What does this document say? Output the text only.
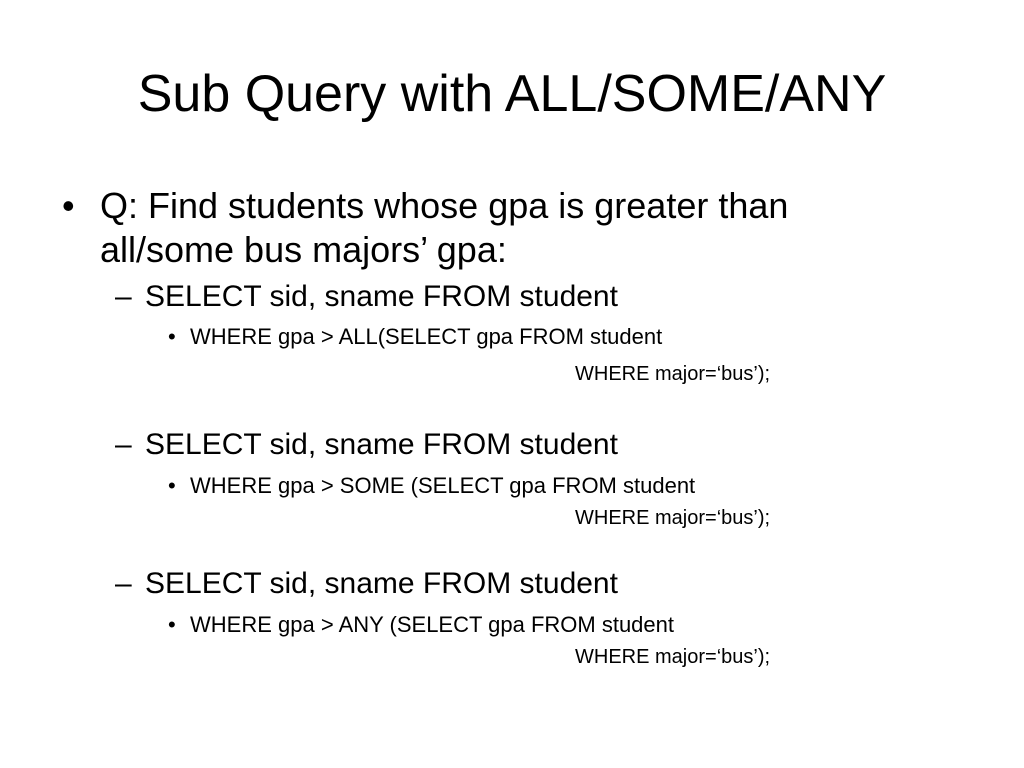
Sub Query with ALL/SOME/ANY
• Q: Find students whose gpa is greater than
all/some bus majors’ gpa:
– SELECT sid, sname FROM student
• WHERE gpa > ALL(SELECT gpa FROM student
WHERE major=‘bus’);
– SELECT sid, sname FROM student
• WHERE gpa > SOME (SELECT gpa FROM student
WHERE major=‘bus’);
– SELECT sid, sname FROM student
• WHERE gpa > ANY (SELECT gpa FROM student
WHERE major=‘bus’);
